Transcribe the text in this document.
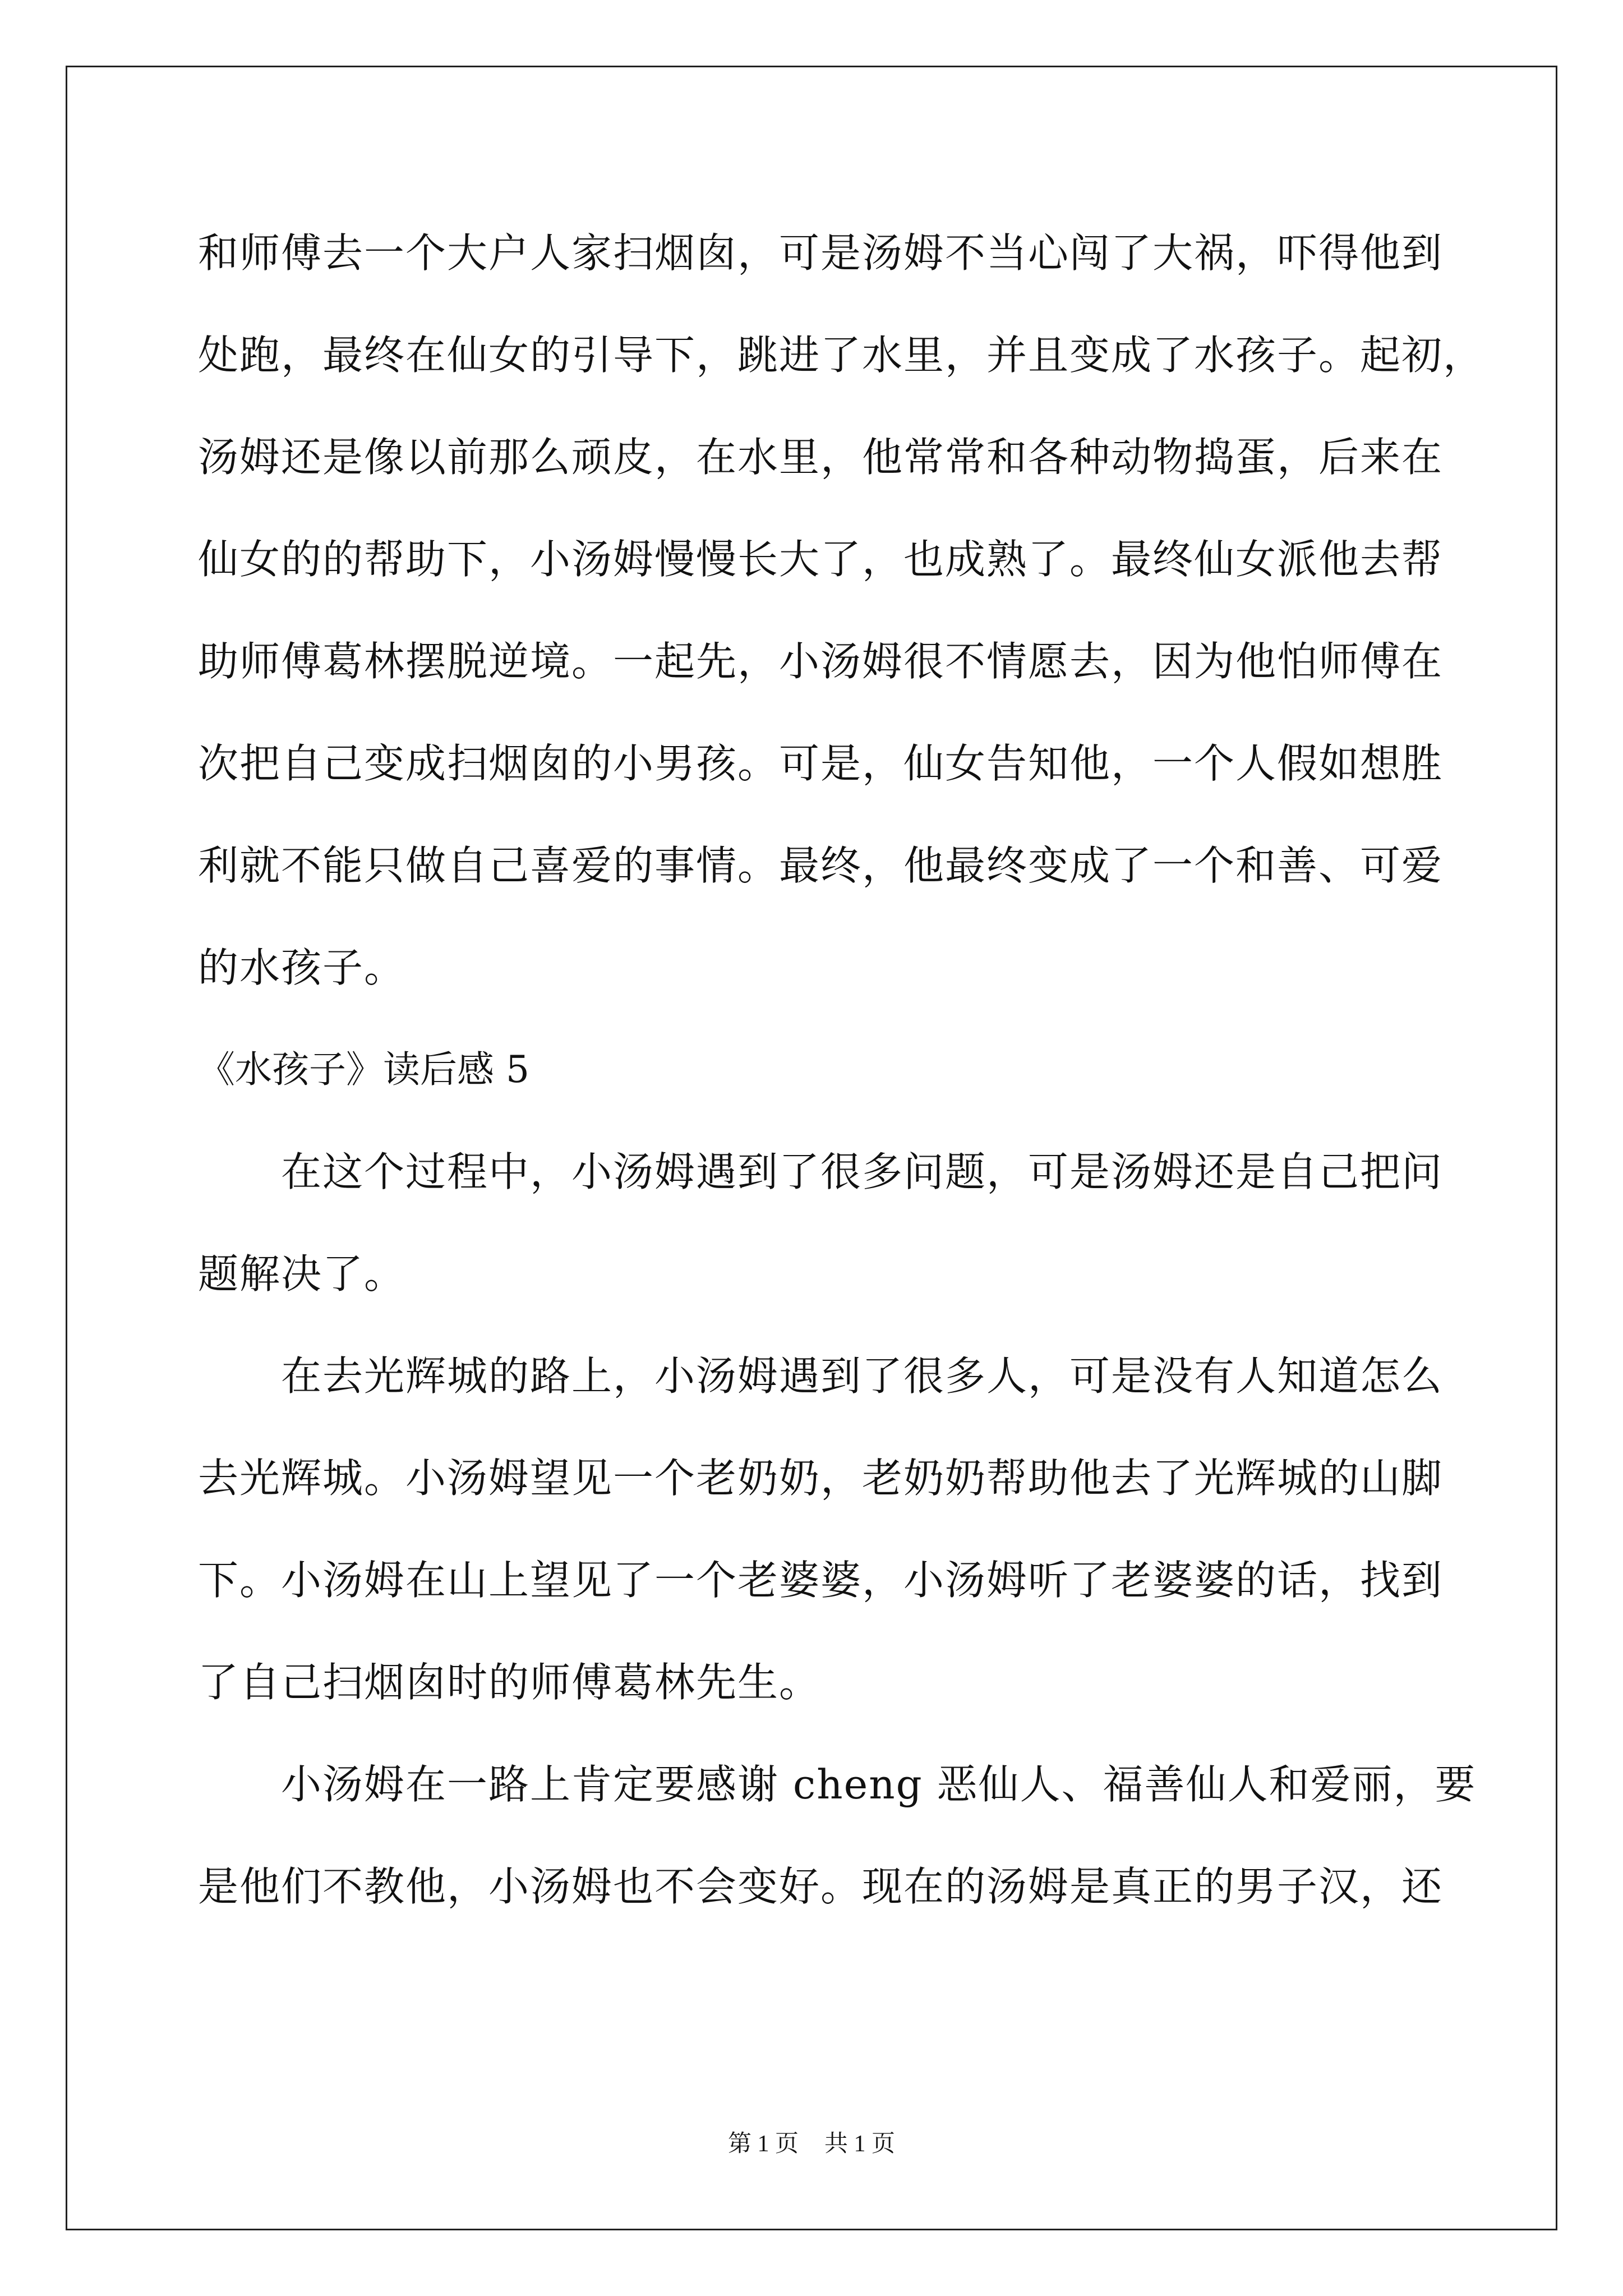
和师傅去一个大户人家扫烟囱，可是汤姆不当心闯了大祸，吓得他到
处跑，最终在仙女的引导下，跳进了水里，并且变成了水孩子。起初，
汤姆还是像以前那么顽皮，在水里，他常常和各种动物捣蛋，后来在
仙女的的帮助下，小汤姆慢慢长大了，也成熟了。最终仙女派他去帮
助师傅葛林摆脱逆境。一起先，小汤姆很不情愿去，因为他怕师傅在
次把自己变成扫烟囱的小男孩。可是，仙女告知他，一个人假如想胜
利就不能只做自己喜爱的事情。最终，他最终变成了一个和善、可爱
的水孩子。
《水孩子》读后感 5
　　在这个过程中，小汤姆遇到了很多问题，可是汤姆还是自己把问
题解决了。
　　在去光辉城的路上，小汤姆遇到了很多人，可是没有人知道怎么
去光辉城。小汤姆望见一个老奶奶，老奶奶帮助他去了光辉城的山脚
下。小汤姆在山上望见了一个老婆婆，小汤姆听了老婆婆的话，找到
了自己扫烟囱时的师傅葛林先生。
　　小汤姆在一路上肯定要感谢 cheng 恶仙人、福善仙人和爱丽，要
是他们不教他，小汤姆也不会变好。现在的汤姆是真正的男子汉，还
第 1 页 共 1 页
